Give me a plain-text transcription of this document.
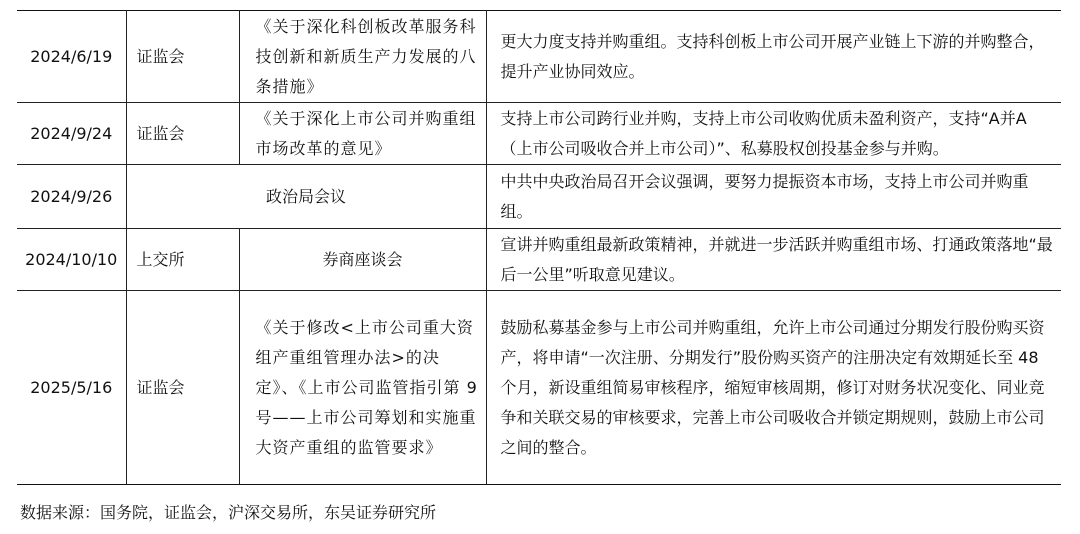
2024/6/19	证监会	《关于深化科创板改革服务科技创新和新质生产力发展的八条措施》	更大力度支持并购重组。支持科创板上市公司开展产业链上下游的并购整合，提升产业协同效应。
2024/9/24	证监会	《关于深化上市公司并购重组市场改革的意见》	支持上市公司跨行业并购，支持上市公司收购优质未盈利资产，支持“A并A（上市公司吸收合并上市公司）”、私募股权创投基金参与并购。
2024/9/26	政治局会议		中共中央政治局召开会议强调，要努力提振资本市场，支持上市公司并购重组。
2024/10/10	上交所	券商座谈会	宣讲并购重组最新政策精神，并就进一步活跃并购重组市场、打通政策落地“最后一公里”听取意见建议。
2025/5/16	证监会	《关于修改<上市公司重大资组产重组管理办法>的决定》、《上市公司监管指引第 9 号——上市公司筹划和实施重大资产重组的监管要求》	鼓励私募基金参与上市公司并购重组，允许上市公司通过分期发行股份购买资产，将申请“一次注册、分期发行”股份购买资产的注册决定有效期延长至 48 个月，新设重组简易审核程序，缩短审核周期，修订对财务状况变化、同业竞争和关联交易的审核要求，完善上市公司吸收合并锁定期规则，鼓励上市公司之间的整合。
数据来源：国务院，证监会，沪深交易所，东吴证券研究所
